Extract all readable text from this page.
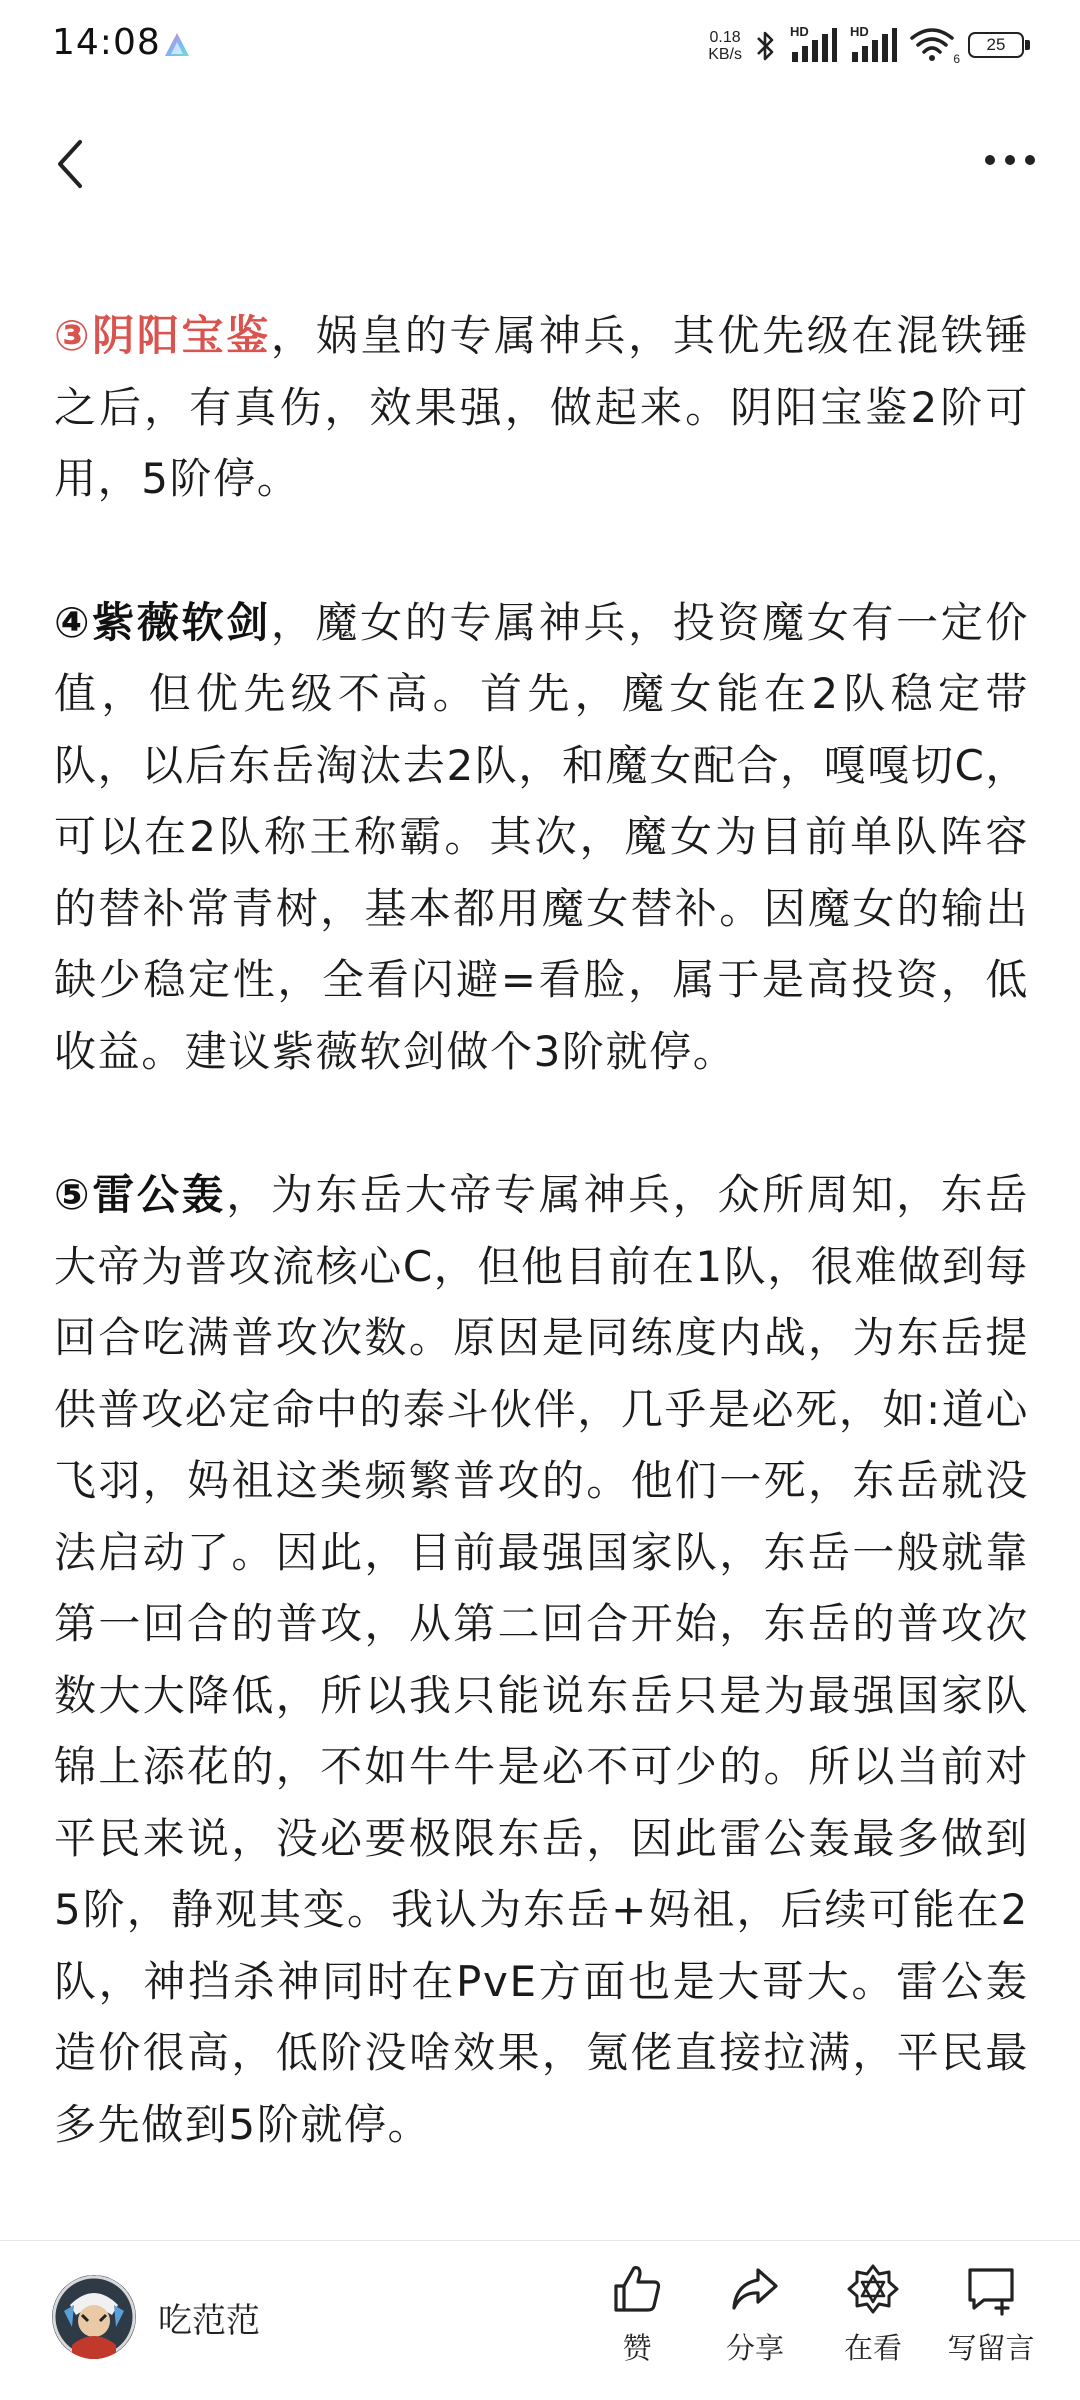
14:08	0.18
KB/s
HD	HD
6
25

③阴阳宝鉴，娲皇的专属神兵，其优先级在混铁锤之后，有真伤，效果强，做起来。阴阳宝鉴2阶可用，5阶停。

④紫薇软剑，魔女的专属神兵，投资魔女有一定价值，但优先级不高。首先，魔女能在2队稳定带队，以后东岳淘汰去2队，和魔女配合，嘎嘎切C，可以在2队称王称霸。其次，魔女为目前单队阵容的替补常青树，基本都用魔女替补。因魔女的输出缺少稳定性，全看闪避=看脸，属于是高投资，低收益。建议紫薇软剑做个3阶就停。

⑤雷公轰，为东岳大帝专属神兵，众所周知，东岳大帝为普攻流核心C，但他目前在1队，很难做到每回合吃满普攻次数。原因是同练度内战，为东岳提供普攻必定命中的泰斗伙伴，几乎是必死，如:道心飞羽，妈祖这类频繁普攻的。他们一死，东岳就没法启动了。因此，目前最强国家队，东岳一般就靠第一回合的普攻，从第二回合开始，东岳的普攻次数大大降低，所以我只能说东岳只是为最强国家队锦上添花的，不如牛牛是必不可少的。所以当前对平民来说，没必要极限东岳，因此雷公轰最多做到5阶，静观其变。我认为东岳+妈祖，后续可能在2队，神挡杀神同时在PvE方面也是大哥大。雷公轰造价很高，低阶没啥效果，氪佬直接拉满，平民最多先做到5阶就停。

吃范范
赞	分享 在看 写留言
